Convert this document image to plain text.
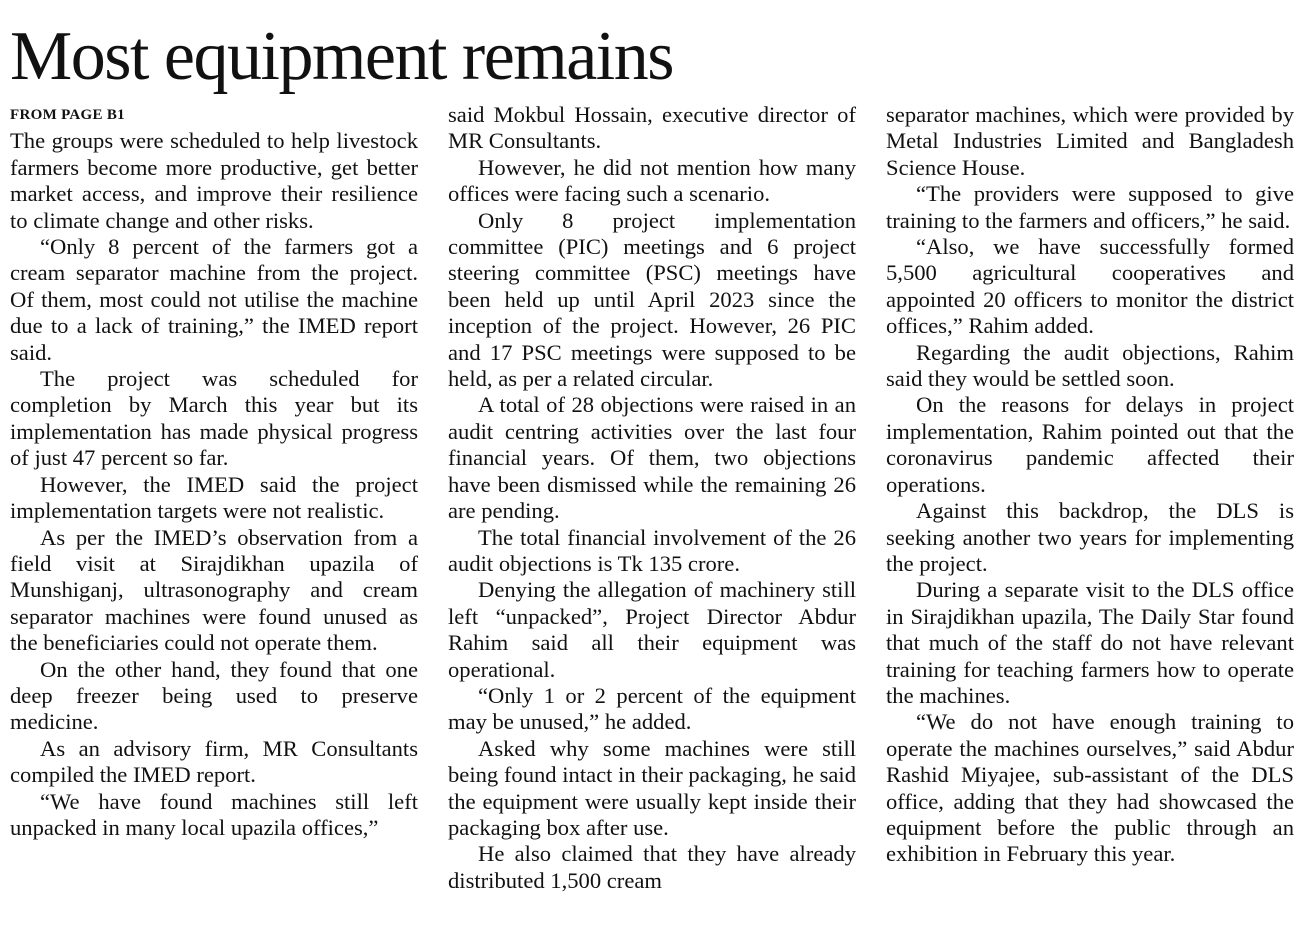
Most equipment remains
FROM PAGE B1

The groups were scheduled to help livestock farmers become more productive, get better market access, and improve their resilience to climate change and other risks.

“Only 8 percent of the farmers got a cream separator machine from the project. Of them, most could not utilise the machine due to a lack of training,” the IMED report said.

The project was scheduled for completion by March this year but its implementation has made physical progress of just 47 percent so far.

However, the IMED said the project implementation targets were not realistic.

As per the IMED’s observation from a field visit at Sirajdikhan upazila of Munshiganj, ultrasonography and cream separator machines were found unused as the beneficiaries could not operate them.

On the other hand, they found that one deep freezer being used to preserve medicine.

As an advisory firm, MR Consultants compiled the IMED report.

“We have found machines still left unpacked in many local upazila offices,”

said Mokbul Hossain, executive director of MR Consultants.

However, he did not mention how many offices were facing such a scenario.

Only 8 project implementation committee (PIC) meetings and 6 project steering committee (PSC) meetings have been held up until April 2023 since the inception of the project. However, 26 PIC and 17 PSC meetings were supposed to be held, as per a related circular.

A total of 28 objections were raised in an audit centring activities over the last four financial years. Of them, two objections have been dismissed while the remaining 26 are pending.

The total financial involvement of the 26 audit objections is Tk 135 crore.

Denying the allegation of machinery still left “unpacked”, Project Director Abdur Rahim said all their equipment was operational.

“Only 1 or 2 percent of the equipment may be unused,” he added.

Asked why some machines were still being found intact in their packaging, he said the equipment were usually kept inside their packaging box after use.

He also claimed that they have already distributed 1,500 cream

separator machines, which were provided by Metal Industries Limited and Bangladesh Science House.

“The providers were supposed to give training to the farmers and officers,” he said.

“Also, we have successfully formed 5,500 agricultural cooperatives and appointed 20 officers to monitor the district offices,” Rahim added.

Regarding the audit objections, Rahim said they would be settled soon.

On the reasons for delays in project implementation, Rahim pointed out that the coronavirus pandemic affected their operations.

Against this backdrop, the DLS is seeking another two years for implementing the project.

During a separate visit to the DLS office in Sirajdikhan upazila, The Daily Star found that much of the staff do not have relevant training for teaching farmers how to operate the machines.

“We do not have enough training to operate the machines ourselves,” said Abdur Rashid Miyajee, sub-assistant of the DLS office, adding that they had showcased the equipment before the public through an exhibition in February this year.
